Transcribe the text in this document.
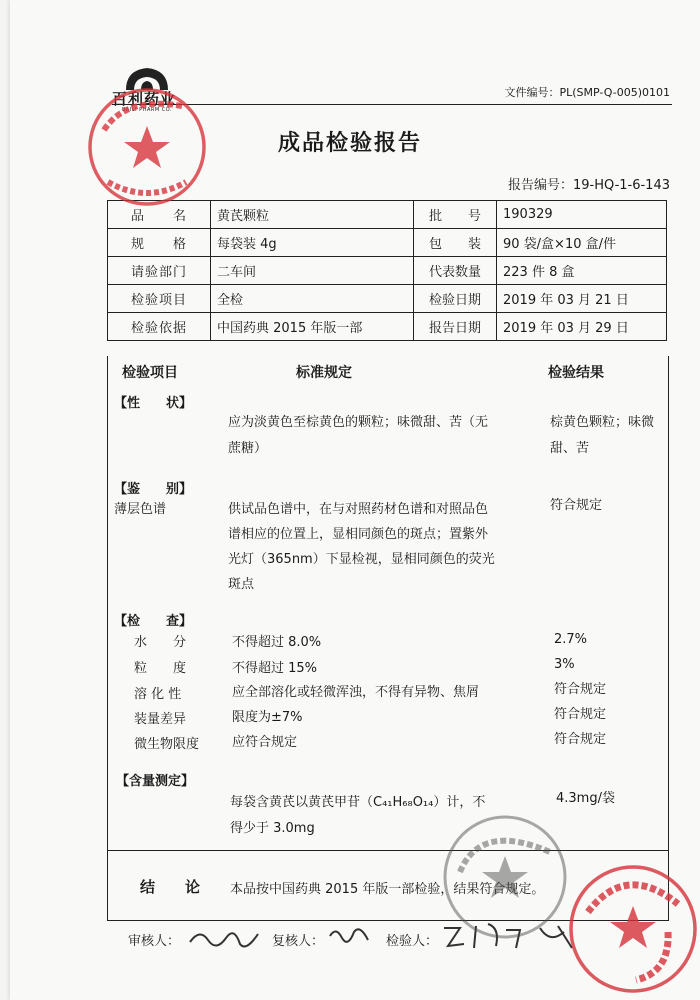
百利药业
BAILI PHARM CO.
文件编号：PL(SMP-Q-005)0101
成品检验报告
报告编号：19-HQ-1-6-143
品　　名	黄芪颗粒	批　　号	190329
规　　格	每袋装 4g	包　　装	90 袋/盒×10 盒/件
请验部门	二车间	代表数量	223 件 8 盒
检验项目	全检	检验日期	2019 年 03 月 21 日
检验依据	中国药典 2015 年版一部	报告日期	2019 年 03 月 29 日
检验项目	标准规定	检验结果
【性　　状】
应为淡黄色至棕黄色的颗粒；味微甜、苦（无
蔗糖）
棕黄色颗粒；味微
甜、苦
【鉴　　别】
薄层色谱	供试品色谱中，在与对照药材色谱和对照品色
谱相应的位置上，显相同颜色的斑点；置紫外
光灯（365nm）下显检视，显相同颜色的荧光
斑点
符合规定
【检　　查】
水　　分	不得超过 8.0%	2.7%
粒　　度	不得超过 15%	3%
溶 化 性	应全部溶化或轻微浑浊，不得有异物、焦屑	符合规定
装量差异	限度为±7%	符合规定
微生物限度	应符合规定	符合规定
【含量测定】
每袋含黄芪以黄芪甲苷（C₄₁H₆₈O₁₄）计，不
得少于 3.0mg
4.3mg/袋
结　　论 本品按中国药典 2015 年版一部检验，结果符合规定。
审核人：	复核人：	检验人：
